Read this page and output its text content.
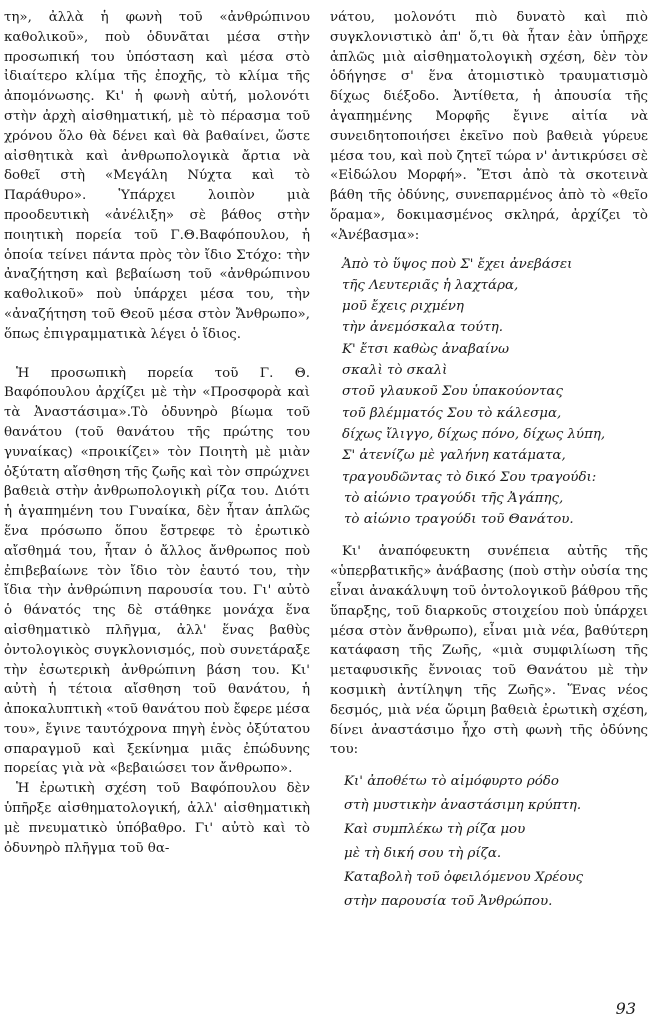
τη», ἀλλὰ ἡ φωνὴ τοῦ «ἀνθρώπινου καθολικοῦ», ποὺ ὁδυνᾶται μέσα στὴν προσωπική του ὑπόσταση καὶ μέσα στὸ ἰδιαίτερο κλίμα τῆς ἐποχῆς, τὸ κλίμα τῆς ἀπομόνωσης. Κι' ἡ φωνὴ αὐτή, μολονότι στὴν ἀρχὴ αἰσθηματική, μὲ τὸ πέρασμα τοῦ χρόνου ὅλο θὰ δένει καὶ θὰ βαθαίνει, ὥστε αἰσθητικὰ καὶ ἀνθρωπολογικὰ ἄρτια νὰ δοθεῖ στὴ «Μεγάλη Νύχτα καὶ τὸ Παράθυρο». Ὑπάρχει λοιπὸν μιὰ προοδευτικὴ «ἀνέλιξη» σὲ βάθος στὴν ποιητικὴ πορεία τοῦ Γ.Θ.Βαφόπουλου, ἡ ὁποία τείνει πάντα πρὸς τὸν ἴδιο Στόχο: τὴν ἀναζήτηση καὶ βεβαίωση τοῦ «ἀνθρώπινου καθολικοῦ» ποὺ ὑπάρχει μέσα του, τὴν «ἀναζήτηση τοῦ Θεοῦ μέσα στὸν Ἄνθρωπο», ὅπως ἐπιγραμματικὰ λέγει ὁ ἴδιος.

Ἡ προσωπικὴ πορεία τοῦ Γ. Θ. Βαφόπουλου ἀρχίζει μὲ τὴν «Προσφορὰ καὶ τὰ Ἀναστάσιμα».Τὸ ὀδυνηρὸ βίωμα τοῦ θανάτου (τοῦ θανάτου τῆς πρώτης του γυναίκας) «προικίζει» τὸν Ποιητὴ μὲ μιὰν ὀξύτατη αἴσθηση τῆς ζωῆς καὶ τὸν σπρώχνει βαθειὰ στὴν ἀνθρωπολογικὴ ρίζα του. Διότι ἡ ἀγαπημένη του Γυναίκα, δὲν ἦταν ἁπλῶς ἕνα πρόσωπο ὅπου ἔστρεφε τὸ ἐρωτικὸ αἴσθημά του, ἦταν ὁ ἄλλος ἄνθρωπος ποὺ ἐπιβεβαίωνε τὸν ἴδιο τὸν ἑαυτό του, τὴν ἴδια τὴν ἀνθρώπινη παρουσία του. Γι' αὐτὸ ὁ θάνατός της δὲ στάθηκε μονάχα ἕνα αἰσθηματικὸ πλῆγμα, ἀλλ' ἕνας βαθὺς ὀντολογικὸς συγκλονισμός, ποὺ συνετάραξε τὴν ἐσωτερικὴ ἀνθρώπινη βάση του. Κι' αὐτὴ ἡ τέτοια αἴσθηση τοῦ θανάτου, ἡ ἀποκαλυπτικὴ «τοῦ θανάτου ποὺ ἔφερε μέσα του», ἔγινε ταυτόχρονα πηγὴ ἑνὸς ὀξύτατου σπαραγμοῦ καὶ ξεκίνημα μιᾶς ἐπώδυνης πορείας γιὰ νὰ «βεβαιώσει τον ἄνθρωπο».

Ἡ ἐρωτικὴ σχέση τοῦ Βαφόπουλου δὲν ὑπῆρξε αἰσθηματολογική, ἀλλ' αἰσθηματικὴ μὲ πνευματικὸ ὑπόβαθρο. Γι' αὐτὸ καὶ τὸ ὀδυνηρὸ πλῆγμα τοῦ θα-

νάτου, μολονότι πιὸ δυνατὸ καὶ πιὸ συγκλονιστικὸ ἀπ' ὅ,τι θὰ ἦταν ἐὰν ὑπῆρχε ἁπλῶς μιὰ αἰσθηματολογικὴ σχέση, δὲν τὸν ὁδήγησε σ' ἕνα ἀτομιστικὸ τραυματισμὸ δίχως διέξοδο. Ἀντίθετα, ἡ ἀπουσία τῆς ἀγαπημένης Μορφῆς ἔγινε αἰτία νὰ συνειδητοποιήσει ἐκεῖνο ποὺ βαθειὰ γύρευε μέσα του, καὶ ποὺ ζητεῖ τώρα ν' ἀντικρύσει σὲ «Εἰδώλου Μορφή». Ἔτσι ἀπὸ τὰ σκοτεινὰ βάθη τῆς ὀδύνης, συνεπαρμένος ἀπὸ τὸ «θεῖο ὅραμα», δοκιμασμένος σκληρά, ἀρχίζει τὸ «Ἀνέβασμα»:

Ἀπὸ τὸ ὕψος ποὺ Σ' ἔχει ἀνεβάσει
τῆς Λευτεριᾶς ἡ λαχτάρα,
μοῦ ἔχεις ριχμένη
τὴν ἀνεμόσκαλα τούτη.
Κ' ἔτσι καθὼς ἀναβαίνω
σκαλὶ τὸ σκαλὶ
στοῦ γλαυκοῦ Σου ὑπακούοντας
τοῦ βλέμματός Σου τὸ κάλεσμα,
δίχως ἴλιγγο, δίχως πόνο, δίχως λύπη,
Σ' ἀτενίζω μὲ γαλήνη κατάματα,
τραγουδῶντας τὸ δικό Σου τραγούδι:
τὸ αἰώνιο τραγούδι τῆς Ἀγάπης,
τὸ αἰώνιο τραγούδι τοῦ Θανάτου.

Κι' ἀναπόφευκτη συνέπεια αὐτῆς τῆς «ὑπερβατικῆς» ἀνάβασης (ποὺ στὴν οὐσία της εἶναι ἀνακάλυψη τοῦ ὀντολογικοῦ βάθρου τῆς ὕπαρξης, τοῦ διαρκοῦς στοιχείου ποὺ ὑπάρχει μέσα στὸν ἄνθρωπο), εἶναι μιὰ νέα, βαθύτερη κατάφαση τῆς Ζωῆς, «μιὰ συμφιλίωση τῆς μεταφυσικῆς ἔννοιας τοῦ Θανάτου μὲ τὴν κοσμικὴ ἀντίληψη τῆς Ζωῆς». Ἕνας νέος δεσμός, μιὰ νέα ὥριμη βαθειὰ ἐρωτικὴ σχέση, δίνει ἀναστάσιμο ἦχο στὴ φωνὴ τῆς ὀδύνης του:

Κι' ἀποθέτω τὸ αἱμόφυρτο ρόδο
στὴ μυστικὴν ἀναστάσιμη κρύπτη.
Καὶ συμπλέκω τὴ ρίζα μου
μὲ τὴ δική σου τὴ ρίζα.
Καταβολὴ τοῦ ὀφειλόμενου Χρέους
στὴν παρουσία τοῦ Ἀνθρώπου.
93
